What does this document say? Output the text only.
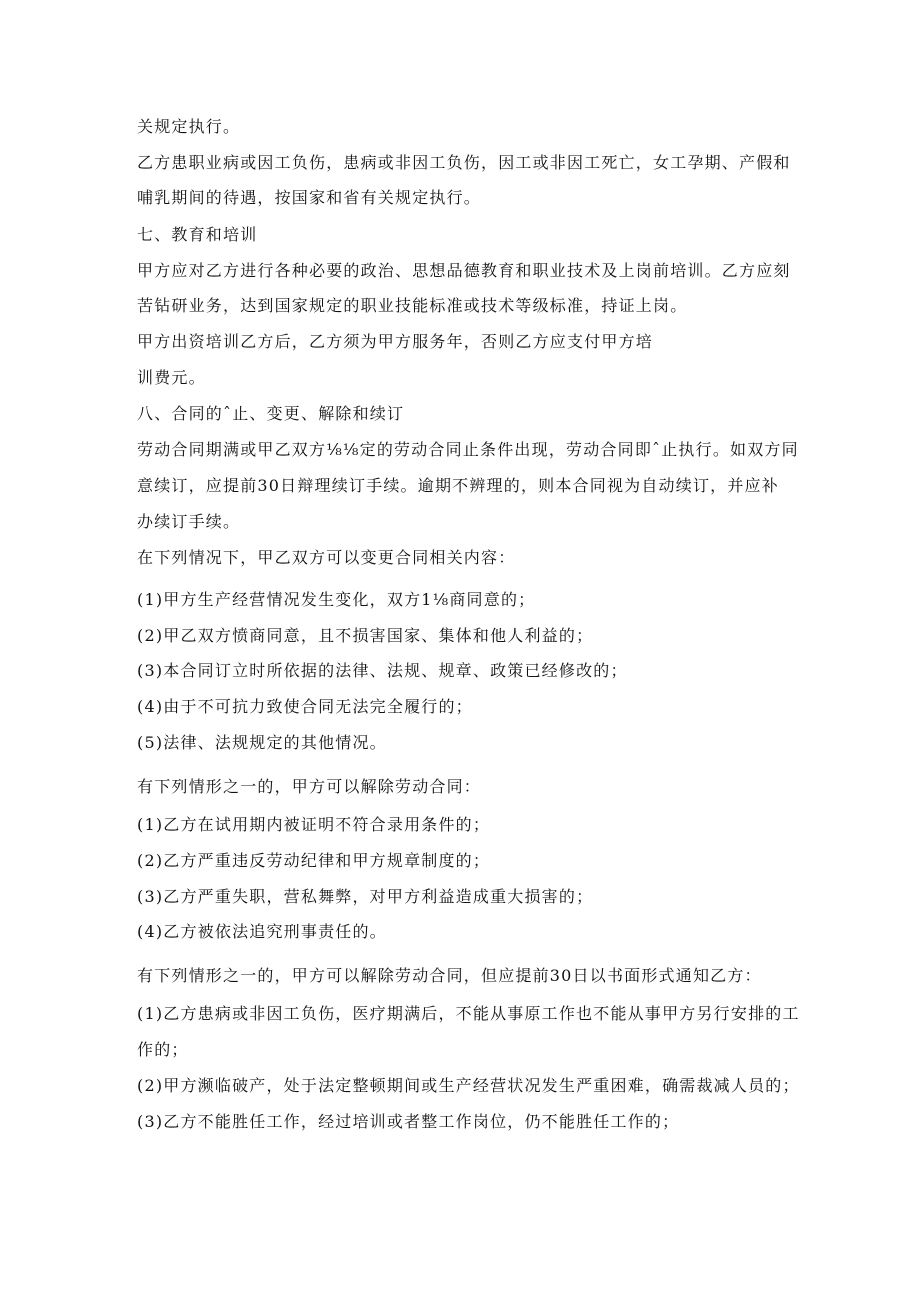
关规定执行。
乙方患职业病或因工负伤，患病或非因工负伤，因工或非因工死亡，女工孕期、产假和
哺乳期间的待遇，按国家和省有关规定执行。
七、教育和培训
甲方应对乙方进行各种必要的政治、思想品德教育和职业技术及上岗前培训。乙方应刻
苦钻研业务，达到国家规定的职业技能标准或技术等级标准，持证上岗。
甲方出资培训乙方后，乙方须为甲方服务年，否则乙方应支付甲方培
训费元。
八、合同的ˆ止、变更、解除和续订
劳动合同期满或甲乙双方⅛⅛定的劳动合同止条件出现，劳动合同即ˆ止执行。如双方同
意续订，应提前30日辩理续订手续。逾期不辨理的，则本合同视为自动续订，并应补
办续订手续。
在下列情况下，甲乙双方可以变更合同相关内容：
(1)甲方生产经营情况发生变化，双方1⅛商同意的；
(2)甲乙双方愤商同意，且不损害国家、集体和他人利益的；
(3)本合同订立时所依据的法律、法规、规章、政策已经修改的；
(4)由于不可抗力致使合同无法完全履行的；
(5)法律、法规规定的其他情况。
有下列情形之一的，甲方可以解除劳动合同：
(1)乙方在试用期内被证明不符合录用条件的；
(2)乙方严重违反劳动纪律和甲方规章制度的；
(3)乙方严重失职，营私舞弊，对甲方利益造成重大损害的；
(4)乙方被依法追究刑事责任的。
有下列情形之一的，甲方可以解除劳动合同，但应提前30日以书面形式通知乙方：
(1)乙方患病或非因工负伤，医疗期满后，不能从事原工作也不能从事甲方另行安排的工
作的；
(2)甲方濒临破产，处于法定整顿期间或生产经营状况发生严重困难，确需裁减人员的；
(3)乙方不能胜任工作，经过培训或者整工作岗位，仍不能胜任工作的；
